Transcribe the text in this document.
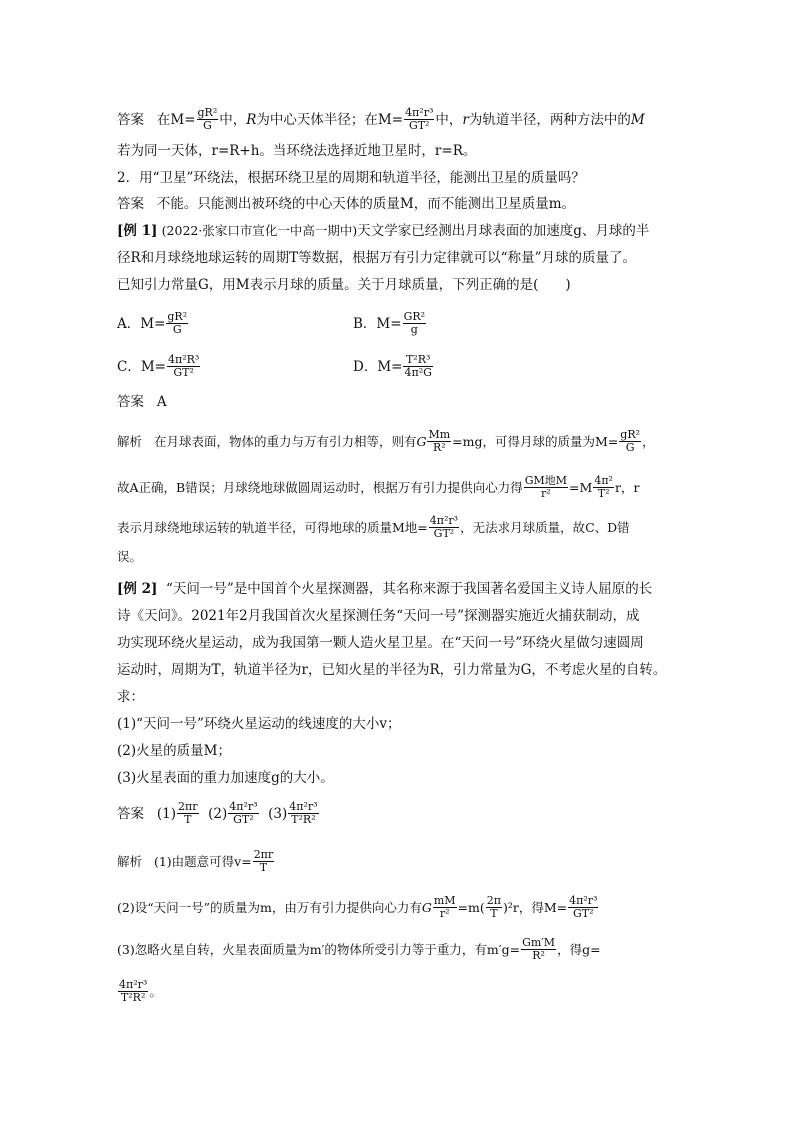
答案 在$M= \frac{\text{gR²}}{G}$ 中，R为中心天体半径；在$M= \frac{\text{4π²r³}}{\text{GT²}}$ 中，r为轨道半径，两种方法中的M
若为同一天体，r=R+h。当环绕法选择近地卫星时，r=R。
2．用“卫星”环绕法，根据环绕卫星的周期和轨道半径，能测出卫星的质量吗？
答案 不能。只能测出被环绕的中心天体的质量M，而不能测出卫星质量m。
[例 1] (2022·张家口市宣化一中高一期中)天文学家已经测出月球表面的加速度g、月球的半
径R和月球绕地球运转的周期T等数据，根据万有引力定律就可以“称量”月球的质量了。
已知引力常量G，用M表示月球的质量。关于月球质量，下列正确的是(　　)
A．$M= \frac{\text{gR²}}{G}$	B．$M= \frac{\text{GR²}}{g}$
C．$M= \frac{\text{4π²R³}}{\text{GT²}}$	D．$M= \frac{\text{T²R³}}{\text{4π²G}}$
答案 A
解析 在月球表面，物体的重力与万有引力相等，则有G $\frac{Mm}{\text{R²}} =mg$，可得月球的质量为$M= \frac{\text{gR²}}{G}$ ，
故A正确，B错误；月球绕地球做圆周运动时，根据万有引力提供向心力得 $\frac{\text{GM地M}}{\text{r²}} =M \frac{\text{4π²}}{\text{T²}}$ r，r
表示月球绕地球运转的轨道半径，可得地球的质量M地= $\frac{\text{4π²r³}}{\text{GT²}}$ ，无法求月球质量，故C、D错
误。
[例 2] “天问一号”是中国首个火星探测器，其名称来源于我国著名爱国主义诗人屈原的长
诗《天问》。2021年2月我国首次火星探测任务“天问一号”探测器实施近火捕获制动，成
功实现环绕火星运动，成为我国第一颗人造火星卫星。在“天问一号”环绕火星做匀速圆周
运动时，周期为T，轨道半径为r，已知火星的半径为R，引力常量为G，不考虑火星的自转。
求：
(1)“天问一号”环绕火星运动的线速度的大小v；
(2)火星的质量M；
(3)火星表面的重力加速度g的大小。
答案 $(1) \frac{2\pi r}{T} (2) \frac{\text{4π²r³}}{\text{GT²}} (3) \frac{\text{4π²r³}}{\text{T²R²}}$
解析 (1)由题意可得$v= \frac{2\pi r}{T}$
(2)设“天问一号”的质量为m，由万有引力提供向心力有G $\frac{mM}{\text{r²}} =m( \frac{2\pi}{T} )^2r$，得$M= \frac{\text{4π²r³}}{\text{GT²}}$
(3)忽略火星自转，火星表面质量为m′的物体所受引力等于重力，有$m'g= \frac{Gm'M}{\text{R²}}$ ，得g=
$\frac{\text{4π²r³}}{\text{T²R²}}$ 。
